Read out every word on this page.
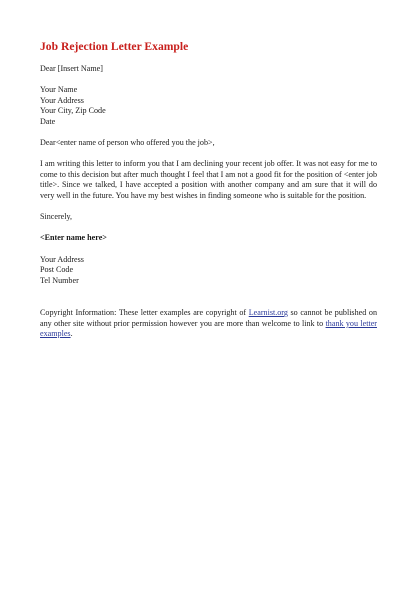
Job Rejection Letter Example

Dear [Insert Name]

Your Name

Your Address

Your City, Zip Code

Date

Dear<enter name of person who offered you the job>,

I am writing this letter to inform you that I am declining your recent job offer. It was not easy for me to come to this decision but after much thought I feel that I am not a good fit for the position of <enter job title>. Since we talked, I have accepted a position with another company and am sure that it will do very well in the future. You have my best wishes in finding someone who is suitable for the position.

Sincerely,

<Enter name here>

Your Address

Post Code

Tel Number

Copyright Information: These letter examples are copyright of Learnist.org so cannot be published on any other site without prior permission however you are more than welcome to link to thank you letter examples.
